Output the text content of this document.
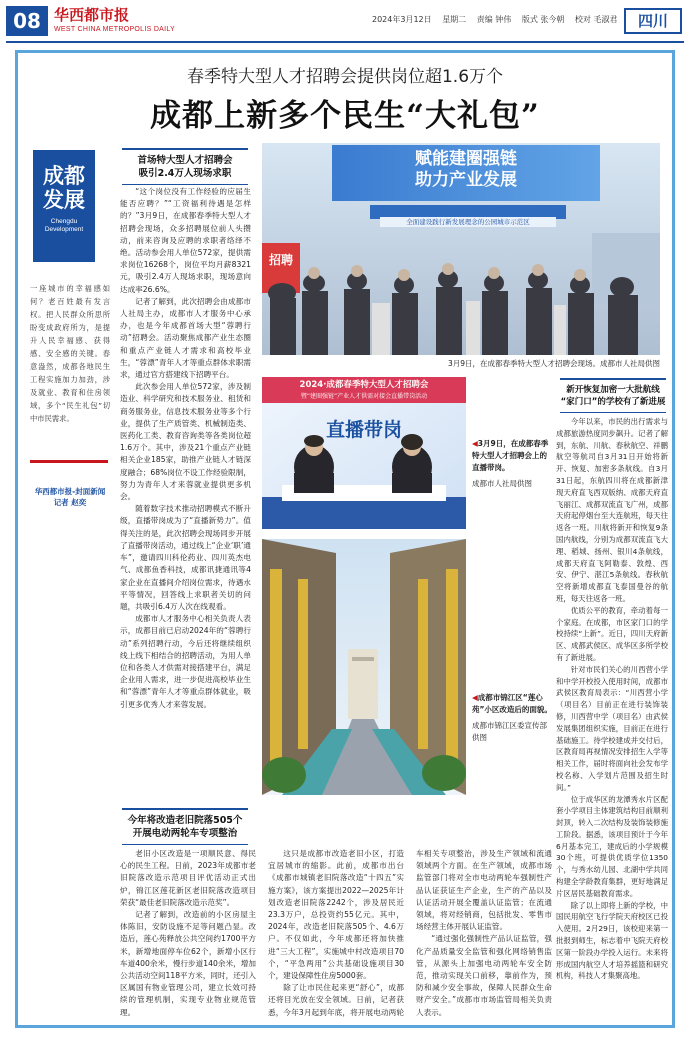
08 华西都市报
WEST CHINA METROPOLIS DAILY
2024年3月12日 星期二 责编 钟伟 版式 张今朝 校对 毛淑君	四川
春季特大型人才招聘会提供岗位超1.6万个
成都上新多个民生“大礼包”
成都
发展
Chengdu
Development
一座城市的幸福感如何？老百姓最有发言权。把人民群众所思所盼变成政府所为，是提升人民幸福感、获得感、安全感的关键。春意盎然，成都各地民生工程实施加力加劲，涉及就业、教育和住房领域，多个“民生礼包”切中市民需求。
华西都市报-封面新闻
记者 赵奕
首场特大型人才招聘会
吸引2.4万人现场求职

“这个岗位没有工作经验的应届生能否应聘？”“工资福利待遇是怎样的？”3月9日，在成都春季特大型人才招聘会现场，众多招聘展位前人头攒动，前来咨询及应聘的求职者络绎不绝。活动参会用人单位572家，提供需求岗位16268个，岗位平均月薪8321元，吸引2.4万人现场求职，现场意向达成率26.6%。

记者了解到，此次招聘会由成都市人社局主办，成都市人才服务中心承办，也是今年成都首场大型“蓉聘行动”招聘会。活动聚焦成都产业生态圈和重点产业链人才需求和高校毕业生，“蓉漂”青年人才等重点群体求职需求，通过官方搭建线下招聘平台。

此次参会用人单位572家，涉及制造业、科学研究和技术服务业、租赁和商务服务业，信息技术服务业等多个行业，提供了生产质管类、机械制造类、医药化工类、教育咨询类等各类岗位超1.6万个。其中，涉及21个重点产业链相关企业185家，助推产业链人才链深度融合；68%岗位不设工作经验限制，努力为青年人才来蓉就业提供更多机会。

随着数字技术推动招聘模式不断升级，直播带岗成为了“直播新势力”。值得关注的是，此次招聘会现场同步开展了直播带岗活动，通过线上“企业‘职’通车”，邀请四川科伦药业、四川英杰电气、成都鱼香科技，成都讯捷通讯等4家企业在直播间介绍岗位需求，待遇水平等情况，回答线上求职者关切的问题，共吸引6.4万人次在线观看。

成都市人才服务中心相关负责人表示，成都目前已启动2024年的“蓉聘行动”系列招聘行动，今后还将继续组织线上线下相结合的招聘活动，为用人单位和各类人才供需对接搭建平台，满足企业用人需求，进一步促进高校毕业生和“蓉漂”青年人才等重点群体就业，吸引更多优秀人才来蓉发展。

赋能建圈强链
助力产业发展
全面建设践行新发展理念的公园城市示范区
招聘
3月9日，在成都春季特大型人才招聘会现场。成都市人社局供图
2024·成都春季特大型人才招聘会
暨“建圈强链”产业人才供需对接会直播带岗活动
直播带岗
◀3月9日，在成都春季特大型人才招聘会上的直播带岗。
成都市人社局供图
◀成都市锦江区“莲心苑”小区改造后的面貌。
成都市锦江区委宣传部供图
新开恢复加密一大批航线
“家门口”的学校有了新进展

今年以来，市民的出行需求与成都旅游热度同步飙升。记者了解到，东航、川航、春秋航空、祥鹏航空等航司自3月31日开始将新开、恢复、加密多条航线。自3月31日起，东航四川将在成都新津现天府直飞西双版纳、成都天府直飞丽江、成都双流直飞广州，成都天府起停烟台至大连航班，每天往返各一班。川航将新开和恢复9条国内航线，分别为成都双流直飞大理、稻城、扬州、银川4条航线，成都天府直飞阿勒泰、敦煌、西安、伊宁、湛江5条航线。春秋航空将新增成都直飞泰国曼谷的航班，每天往返各一班。

优质公平的教育，牵动着每一个家庭。在成都，市区家门口的学校持续“上新”。近日，四川天府新区、成都武侯区、成华区多所学校有了新进展。

针对市民们关心的川西营小学和中学开校投入使用时间，成都市武侯区教育局表示：“川西营小学（项目名）目前正在进行装饰装修，川西营中学（项目名）由武侯发展集团组织实施，目前正在进行基础施工。待学校建成并交付后，区教育局再视情况安排招生入学等相关工作，届时将面向社会发布学校名称、入学划片范围及招生时间。”

位于成华区的龙潭秀水片区配套小学项目主体建筑结构目前顺利封顶，转入二次结构及装饰装修施工阶段。据悉，该项目预计于今年6月基本完工，建成后的小学规模30个班，可提供优质学位1350个，与秀水幼儿园、北湖中学共同构建全学龄教育集群，更好地满足片区居民基础教育需求。

除了以上即将上新的学校，中国民用航空飞行学院天府校区已投入使用。2月29日，该校迎来第一批报到师生，标志着中飞院天府校区第一阶段办学投入运行。未来将形成国内航空人才培养摇篮和研究机构，科技人才集聚高地。

今年将改造老旧院落505个
开展电动两轮车专项整治

老旧小区改造是一项顺民意、得民心的民生工程。日前，2023年成都市老旧院落改造示范项目评优活动正式出炉，锦江区莲花新区老旧院落改造项目荣获“最佳老旧院落改造示范奖”。

记者了解到，改造前的小区房屋主体陈旧，安防设施不足等问题凸显。改造后，莲心苑释放公共空间约1700平方米，新增地面停车位62个，新增小区行车道400余米，慢行步道140余米，增加公共活动空间118平方米，同时，还引入区属国有物业管理公司，建立长效可持续的管理机制，实现专业物业规范管理。

这只是成都市改造老旧小区，打造宜居城市的缩影。此前，成都市出台《成都市城镇老旧院落改造“十四五”实施方案》，该方案提出2022—2025年计划改造老旧院落2242个，涉及居民近23.3万户，总投资约55亿元。其中，2024年，改造老旧院落505个、4.6万户。不仅如此，今年成都还将加快推进“三大工程”，实施城中村改造项目70个，“平急两用”公共基础设施项目30个，建设保障性住房5000套。

除了让市民住起来更“舒心”，成都还将目光放在安全领域。日前，记者获悉，今年3月起到年底，将开展电动两轮车相关专项整治，涉及生产领域和流通领域两个方面。在生产领域，成都市场监管部门将对全市电动两轮车强制性产品认证获证生产企业，生产的产品以及认证活动开展全覆盖认证监管；在流通领域，将对经销商，包括批发、零售市场经营主体开展认证监管。

“通过强化强制性产品认证监管，强化产品质量安全监管和强化网络销售监管，从源头上加强电动两轮车安全防范，推动实现关口前移，靠前作为，预防和减少安全事故，保障人民群众生命财产安全。”成都市市场监管局相关负责人表示。
